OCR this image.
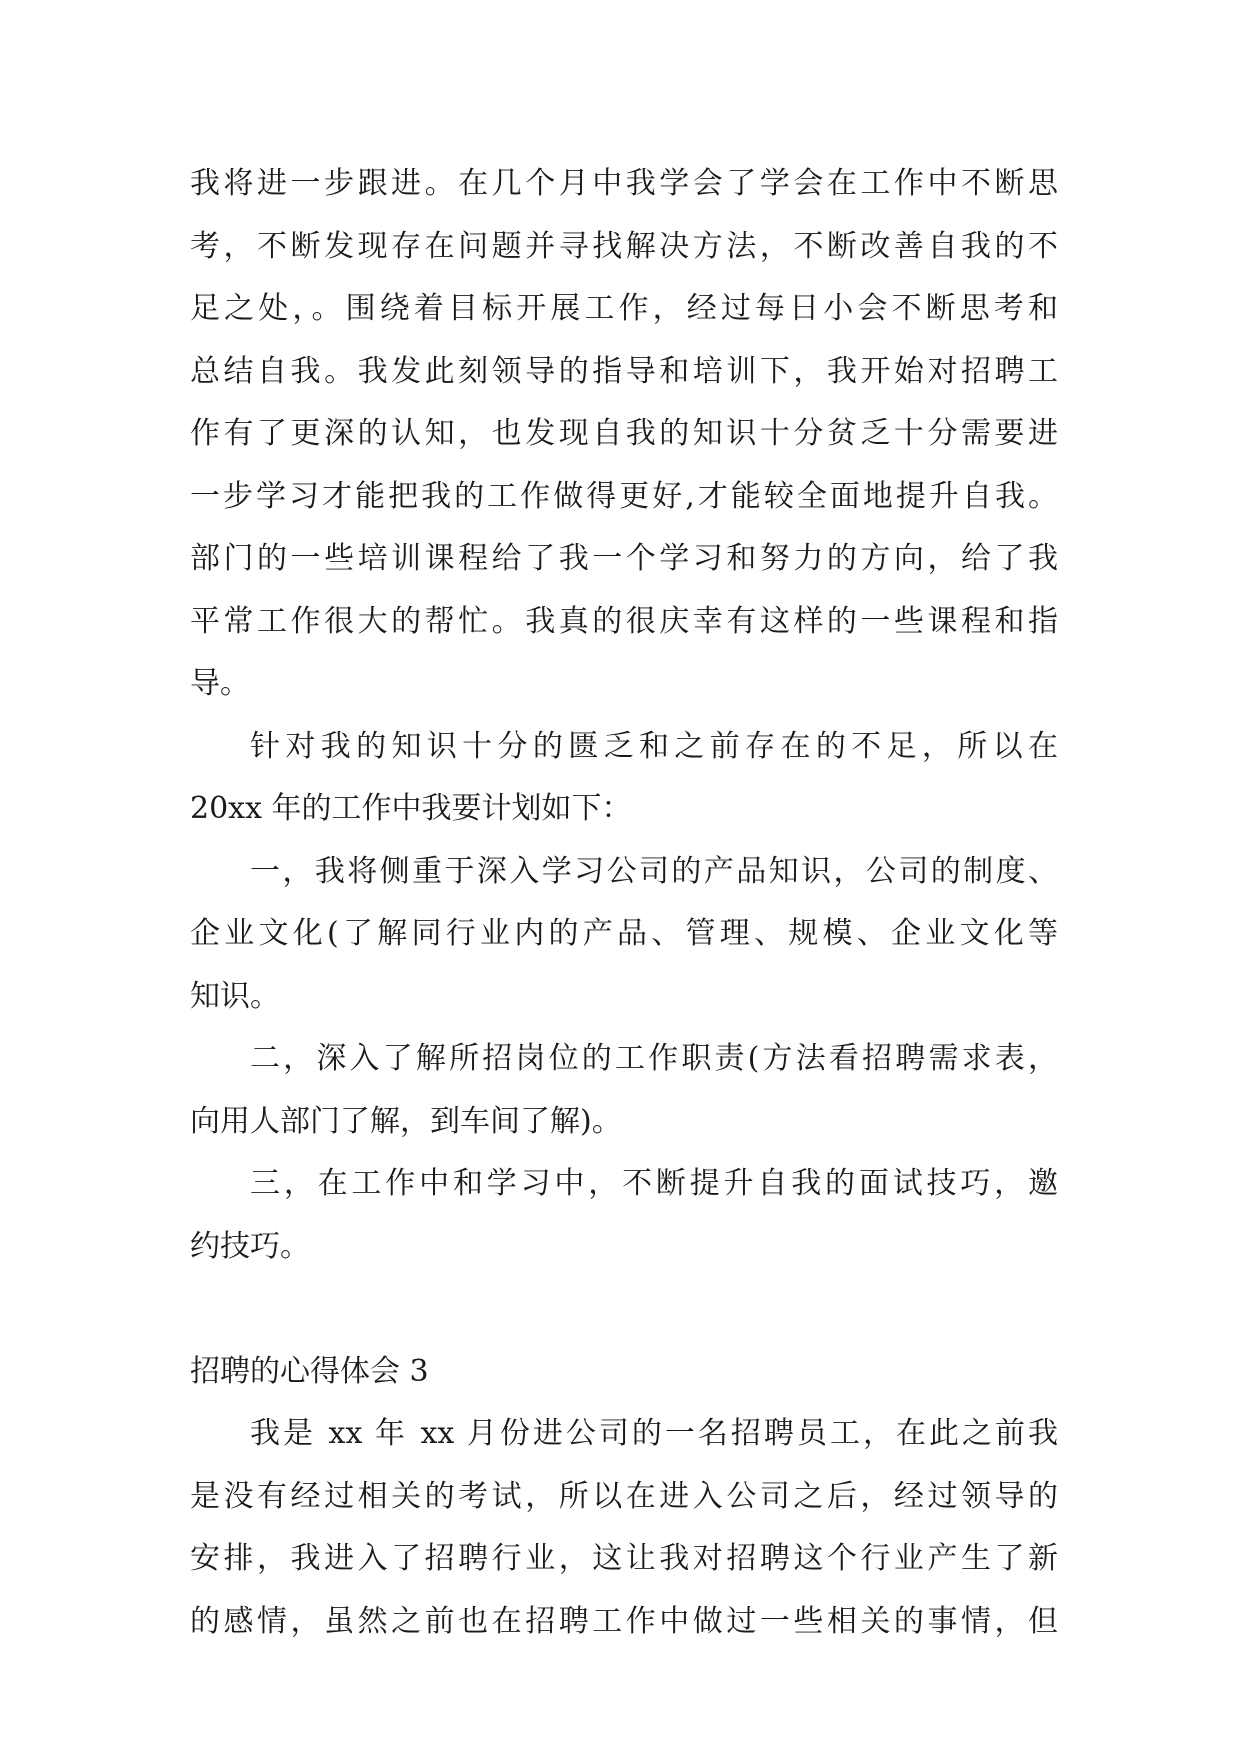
我将进一步跟进。在几个月中我学会了学会在工作中不断思
考，不断发现存在问题并寻找解决方法，不断改善自我的不
足之处，。围绕着目标开展工作，经过每日小会不断思考和
总结自我。我发此刻领导的指导和培训下，我开始对招聘工
作有了更深的认知，也发现自我的知识十分贫乏十分需要进
一步学习才能把我的工作做得更好,才能较全面地提升自我。
部门的一些培训课程给了我一个学习和努力的方向，给了我
平常工作很大的帮忙。我真的很庆幸有这样的一些课程和指
导。
针对我的知识十分的匮乏和之前存在的不足，所以在
20xx 年的工作中我要计划如下：
一，我将侧重于深入学习公司的产品知识，公司的制度、
企业文化(了解同行业内的产品、管理、规模、企业文化等
知识。
二，深入了解所招岗位的工作职责(方法看招聘需求表，
向用人部门了解，到车间了解)。
三，在工作中和学习中，不断提升自我的面试技巧，邀
约技巧。
招聘的心得体会 3
我是 xx 年 xx 月份进公司的一名招聘员工，在此之前我
是没有经过相关的考试，所以在进入公司之后，经过领导的
安排，我进入了招聘行业，这让我对招聘这个行业产生了新
的感情，虽然之前也在招聘工作中做过一些相关的事情，但
